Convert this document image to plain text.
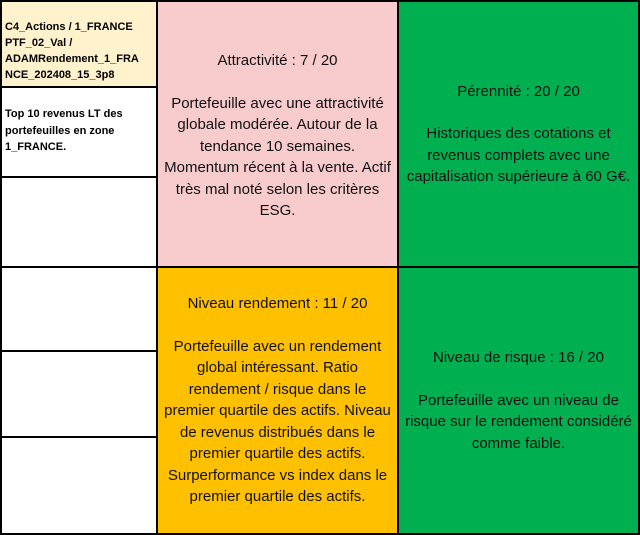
C4_Actions / 1_FRANCE
PTF_02_Val /
ADAMRendement_1_FRA
NCE_202408_15_3p8

Top 10 revenus LT des portefeuilles en zone 1_FRANCE.
Attractivité : 7 / 20
Portefeuille avec une attractivité globale modérée. Autour de la tendance 10 semaines. Momentum récent à la vente. Actif très mal noté selon les critères ESG.
Pérennité : 20 / 20
Historiques des cotations et revenus complets avec une capitalisation supérieure à 60 G€.
Niveau rendement : 11 / 20
Portefeuille avec un rendement global intéressant. Ratio rendement / risque dans le premier quartile des actifs. Niveau de revenus distribués dans le premier quartile des actifs. Surperformance vs index dans le premier quartile des actifs.
Niveau de risque : 16 / 20
Portefeuille avec un niveau de risque sur le rendement considéré comme faible.
